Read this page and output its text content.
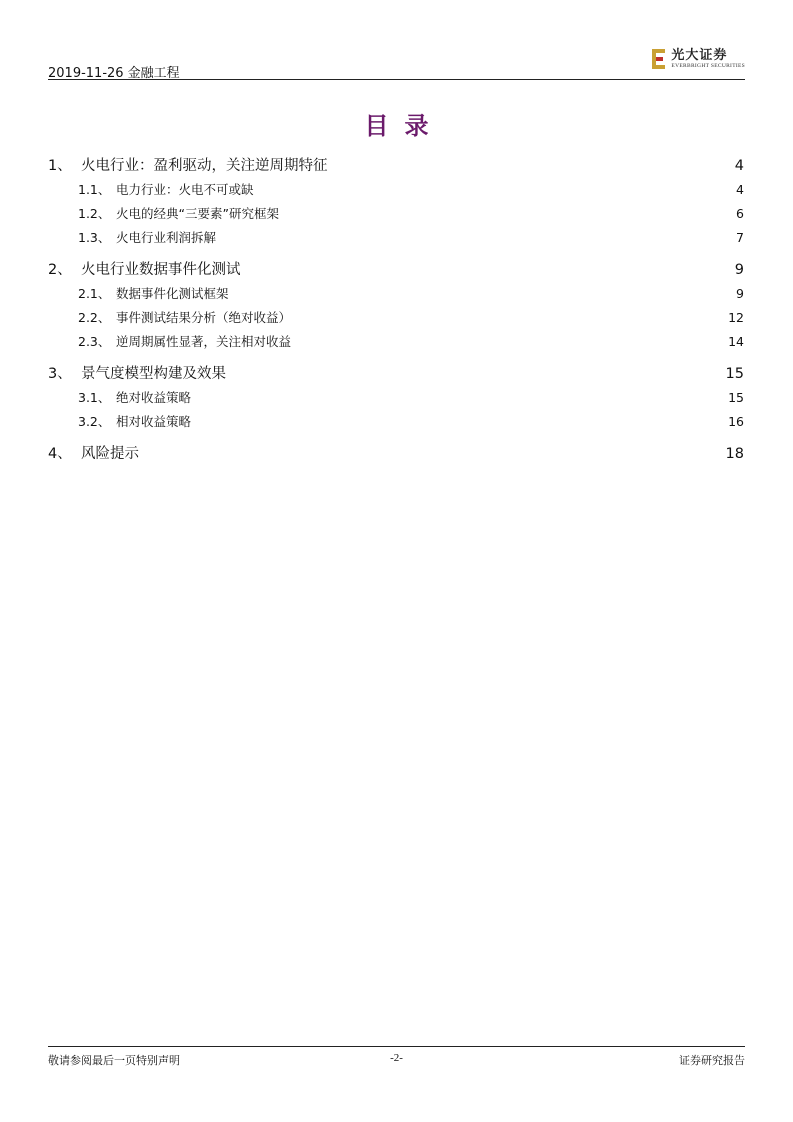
2019-11-26 金融工程
光大证券
EVERBRIGHT SECURITIES
目录
1、 火电行业：盈利驱动，关注逆周期特征 .....	4
1.1、 电力行业：火电不可或缺 .....	4
1.2、 火电的经典“三要素”研究框架 .....	6
1.3、 火电行业利润拆解 .....	7
2、 火电行业数据事件化测试 .....	9
2.1、 数据事件化测试框架 .....	9
2.2、 事件测试结果分析（绝对收益） .....	12
2.3、 逆周期属性显著，关注相对收益 .....	14
3、 景气度模型构建及效果 .....	15
3.1、 绝对收益策略 .....	15
3.2、 相对收益策略 .....	16
4、 风险提示 .....	18
敬请参阅最后一页特别声明	-2-	证券研究报告
